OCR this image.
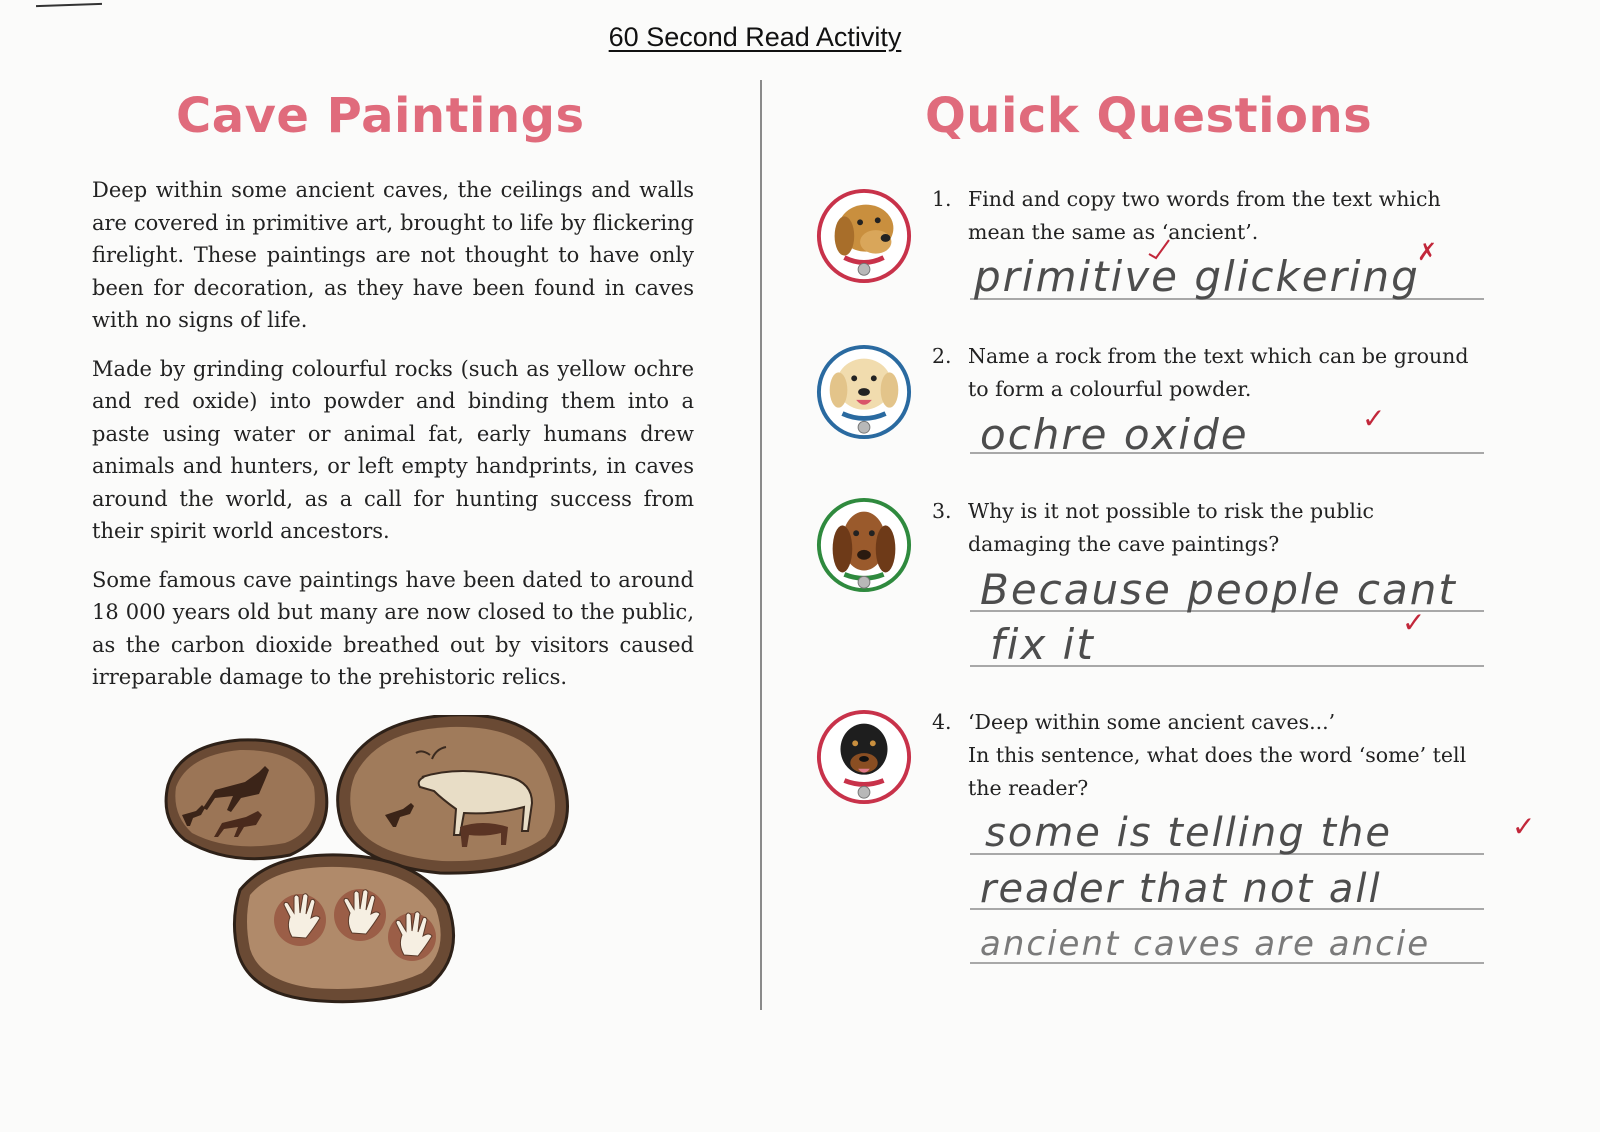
60 Second Read Activity
Cave Paintings

Deep within some ancient caves, the ceilings and walls are covered in primitive art, brought to life by flickering firelight. These paintings are not thought to have only been for decoration, as they have been found in caves with no signs of life.

Made by grinding colourful rocks (such as yellow ochre and red oxide) into powder and binding them into a paste using water or animal fat, early humans drew animals and hunters, or left empty handprints, in caves around the world, as a call for hunting success from their spirit world ancestors.

Some famous cave paintings have been dated to around 18 000 years old but many are now closed to the public, as the carbon dioxide breathed out by visitors caused irreparable damage to the prehistoric relics.

Quick Questions
1. Find and copy two words from the text which
mean the same as ‘ancient’.
primitive glickering
✗
2. Name a rock from the text which can be ground
to form a colourful powder.
ochre oxide	✓
3. Why is it not possible to risk the public
damaging the cave paintings?
Because people cant
fix it	✓
4. ‘Deep within some ancient caves...’
In this sentence, what does the word ‘some’ tell
the reader?
some is telling the
reader that not all
ancient caves are ancie
✓
